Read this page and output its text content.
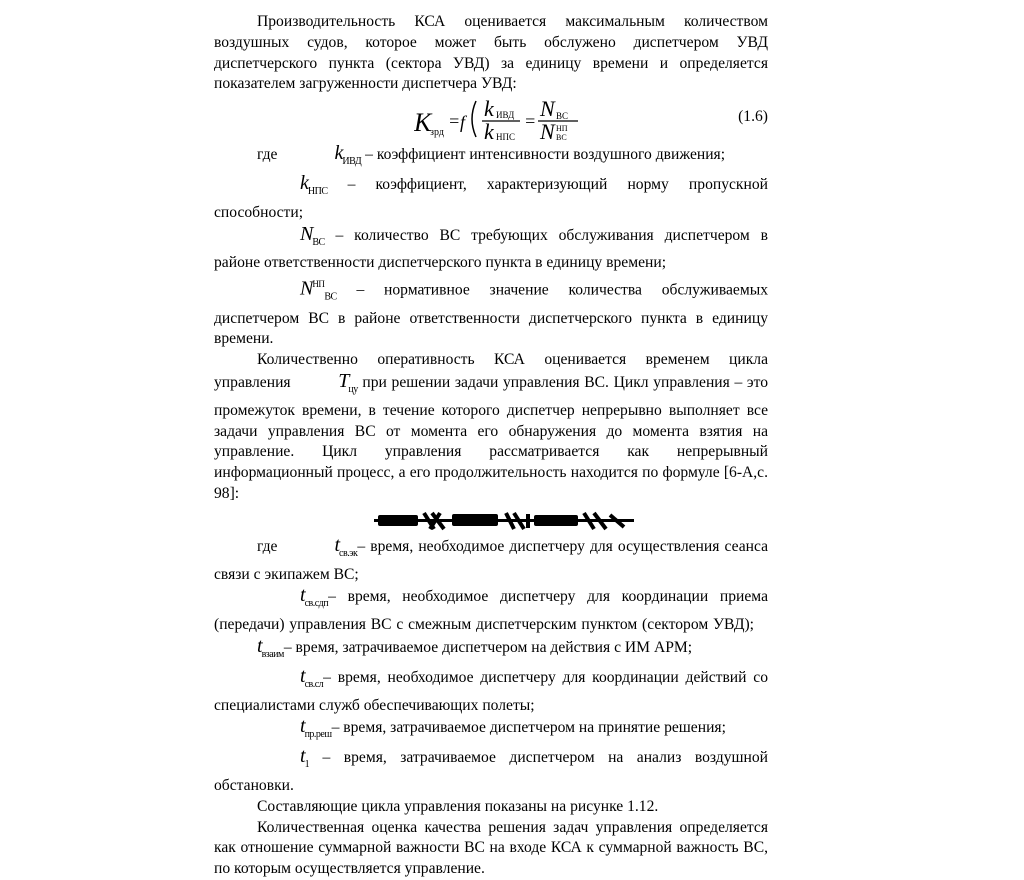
Производительность КСА оценивается максимальным количеством воздушных судов, которое может быть обслужено диспетчером УВД диспетчерского пункта (сектора УВД) за единицу времени и определяется показателем загруженности диспетчера УВД:

K
зрд
= f
k ИВД
k НПС
= N ВС
N НП
ВС
(1.6)

где	$k_{ИВД}$ – коэффициент интенсивности воздушного движения;

$k_{НПС}$ – коэффициент, характеризующий норму пропускной способности;

$N_{ВС}$ – количество ВС требующих обслуживания диспетчером в районе ответственности диспетчерского пункта в единицу времени;

$N^{НП}_{ВС}$ – нормативное значение количества обслуживаемых диспетчером ВС в районе ответственности диспетчерского пункта в единицу времени.

Количественно оперативность КСА оценивается временем цикла управления $T_{цу}$ при решении задачи управления ВС. Цикл управления – это промежуток времени, в течение которого диспетчер непрерывно выполняет все задачи управления ВС от момента его обнаружения до момента взятия на управление. Цикл управления рассматривается как непрерывный информационный процесс, а его продолжительность находится по формуле [6-А,с. 98]:

где	$t_{св.эк}-$ время, необходимое диспетчеру для осуществления сеанса связи с экипажем ВС;

$t_{св.сдп}-$ время, необходимое диспетчеру для координации приема (передачи) управления ВС с смежным диспетчерским пунктом (сектором $УВД);t_{взаим}-$ время, затрачиваемое диспетчером на действия с ИМ АРМ;

$t_{св.сл}-$ время, необходимое диспетчеру для координации действий со специалистами служб обеспечивающих полеты;

$t_{пр.реш}-$ время, затрачиваемое диспетчером на принятие решения;

$t_1$ – время, затрачиваемое диспетчером на анализ воздушной обстановки.

Составляющие цикла управления показаны на рисунке 1.12.

Количественная оценка качества решения задач управления определяется как отношение суммарной важности ВС на входе КСА к суммарной важность ВС, по которым осуществляется управление.
